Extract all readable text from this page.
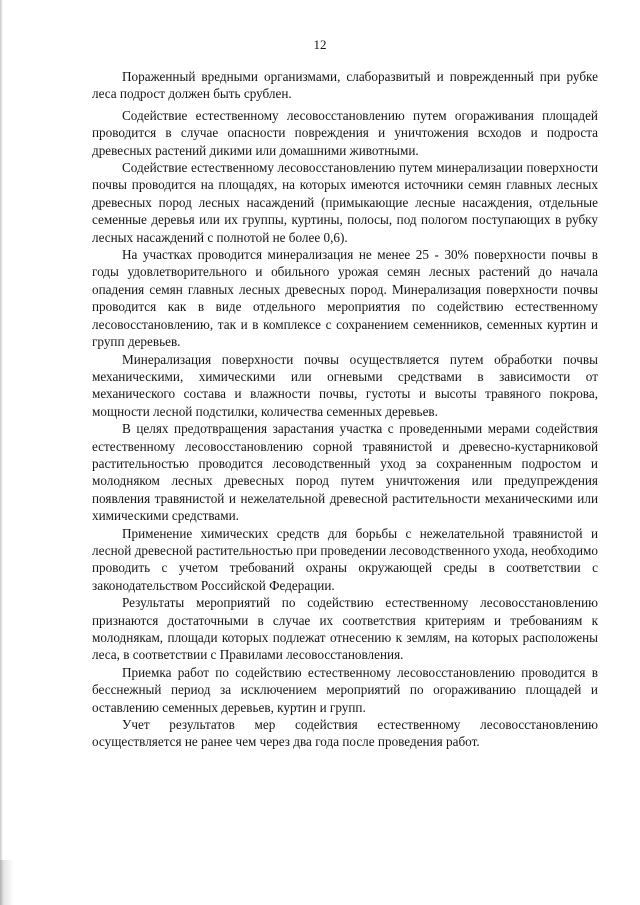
12

Пораженный вредными организмами, слаборазвитый и поврежденный при рубке леса подрост должен быть срублен.

Содействие естественному лесовосстановлению путем огораживания площадей проводится в случае опасности повреждения и уничтожения всходов и подроста древесных растений дикими или домашними животными.

Содействие естественному лесовосстановлению путем минерализации поверхности почвы проводится на площадях, на которых имеются источники семян главных лесных древесных пород лесных насаждений (примыкающие лесные насаждения, отдельные семенные деревья или их группы, куртины, полосы, под пологом поступающих в рубку лесных насаждений с полнотой не более 0,6).

На участках проводится минерализация не менее 25 - 30% поверхности почвы в годы удовлетворительного и обильного урожая семян лесных растений до начала опадения семян главных лесных древесных пород. Минерализация поверхности почвы проводится как в виде отдельного мероприятия по содействию естественному лесовосстановлению, так и в комплексе с сохранением семенников, семенных куртин и групп деревьев.

Минерализация поверхности почвы осуществляется путем обработки почвы механическими, химическими или огневыми средствами в зависимости от механического состава и влажности почвы, густоты и высоты травяного покрова, мощности лесной подстилки, количества семенных деревьев.

В целях предотвращения зарастания участка с проведенными мерами содействия естественному лесовосстановлению сорной травянистой и древесно-кустарниковой растительностью проводится лесоводственный уход за сохраненным подростом и молодняком лесных древесных пород путем уничтожения или предупреждения появления травянистой и нежелательной древесной растительности механическими или химическими средствами.

Применение химических средств для борьбы с нежелательной травянистой и лесной древесной растительностью при проведении лесоводственного ухода, необходимо проводить с учетом требований охраны окружающей среды в соответствии с законодательством Российской Федерации.

Результаты мероприятий по содействию естественному лесовосстановлению признаются достаточными в случае их соответствия критериям и требованиям к молоднякам, площади которых подлежат отнесению к землям, на которых расположены леса, в соответствии с Правилами лесовосстановления.

Приемка работ по содействию естественному лесовосстановлению проводится в бесснежный период за исключением мероприятий по огораживанию площадей и оставлению семенных деревьев, куртин и групп.

Учет результатов мер содействия естественному лесовосстановлению осуществляется не ранее чем через два года после проведения работ.
